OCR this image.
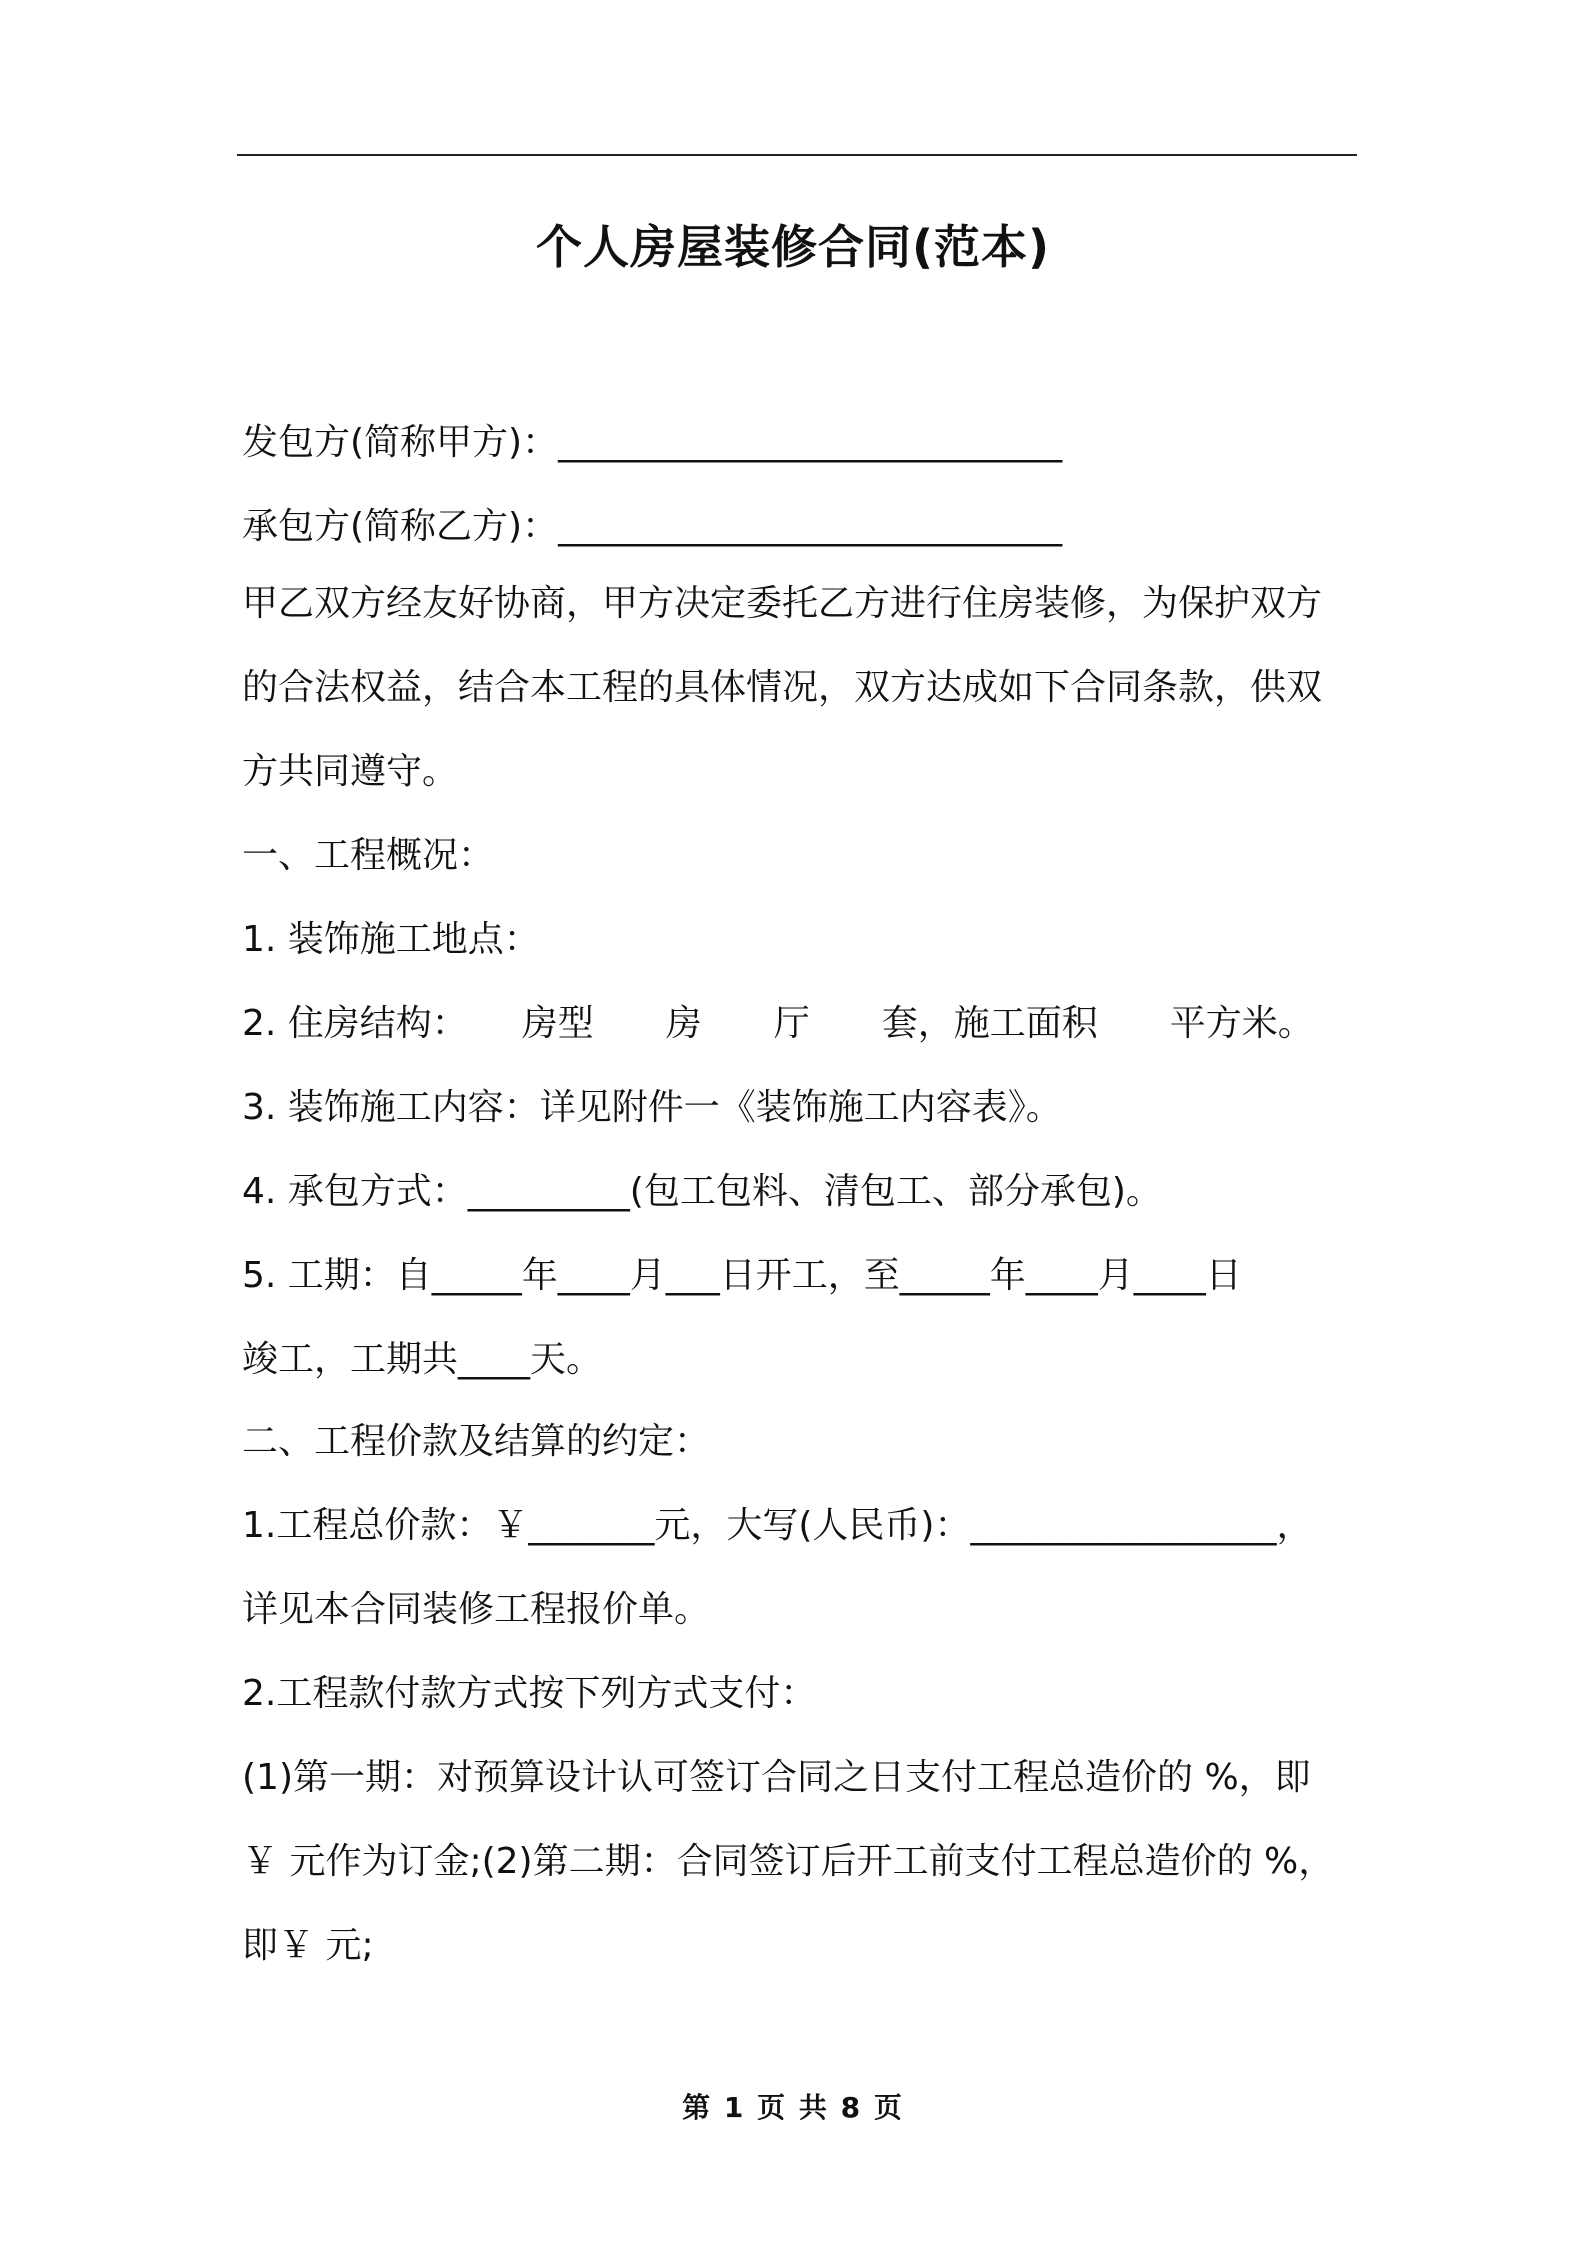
个人房屋装修合同(范本)
发包方(简称甲方)：____________________________
承包方(简称乙方)：____________________________
甲乙双方经友好协商，甲方决定委托乙方进行住房装修，为保护双方
的合法权益，结合本工程的具体情况，双方达成如下合同条款，供双
方共同遵守。
一、工程概况：
1. 装饰施工地点：
2. 住房结构：　　房型　　房　　厅　　套，施工面积　　平方米。
3. 装饰施工内容：详见附件一《装饰施工内容表》。
4. 承包方式：_________(包工包料、清包工、部分承包)。
5. 工期：自_____年____月___日开工，至_____年____月____日
竣工，工期共____天。
二、工程价款及结算的约定：
1.工程总价款：￥_______元，大写(人民币)：_________________，
详见本合同装修工程报价单。
2.工程款付款方式按下列方式支付：
(1)第一期：对预算设计认可签订合同之日支付工程总造价的 %，即
￥ 元作为订金;(2)第二期：合同签订后开工前支付工程总造价的 %，
即￥ 元;
第 1 页 共 8 页
